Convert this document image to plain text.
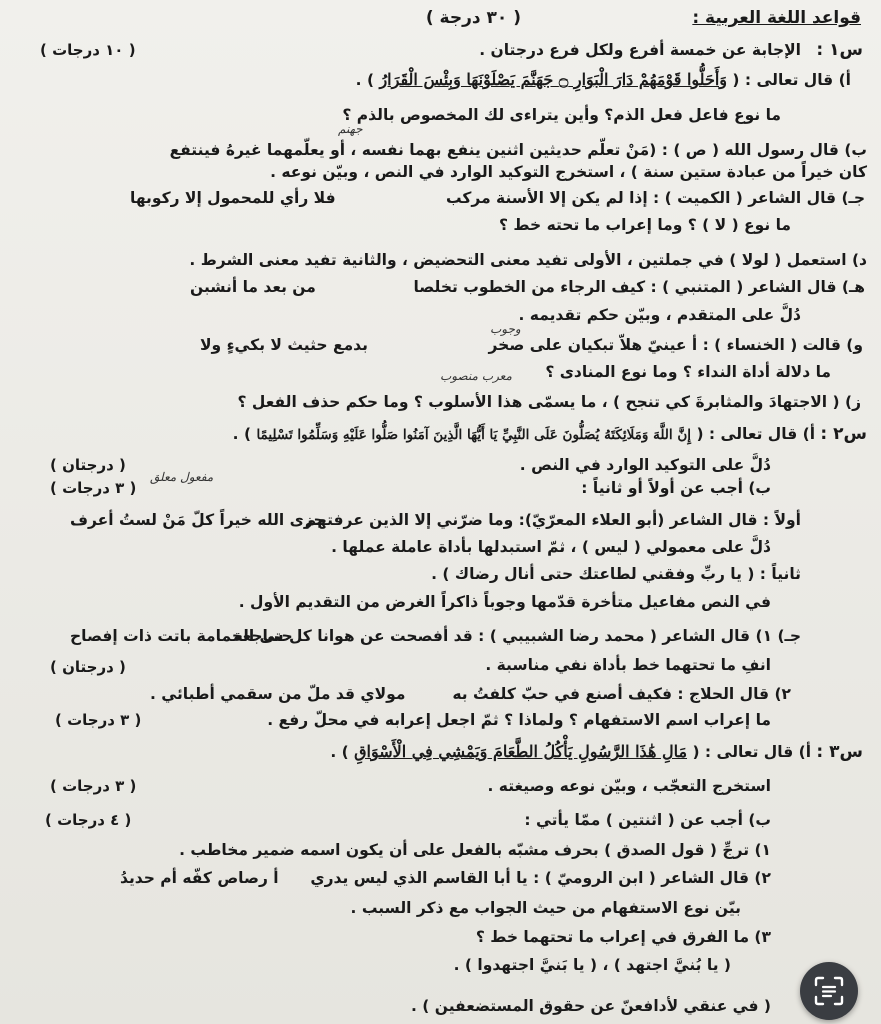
قواعد اللغة العربية :
( ٣٠ درجة )
س١ :
الإجابة عن خمسة أفرع ولكل فرع درجتان .
( ١٠ درجات )
أ) قال تعالى : ( وَأَحَلُّوا قَوْمَهُمْ دَارَ الْبَوَارِ ۝ جَهَنَّمَ يَصْلَوْنَهَا وَبِئْسَ الْقَرَارُ ) .
ما نوع فاعل فعل الذم؟ وأين يتراءى لك المخصوص بالذم ؟
جهنم
ب) قال رسول الله ( ص ) : (مَنْ تعلّم حديثين اثنين ينفع بهما نفسه ، أو يعلّمهما غيرهُ فينتفع
كان خيراً من عبادة ستين سنة ) ، استخرج التوكيد الوارد في النص ، وبيّن نوعه .
جـ) قال الشاعر ( الكميت ) : إذا لم يكن إلا الأسنة مركب
فلا رأي للمحمول إلا ركوبها
ما نوع ( لا ) ؟ وما إعراب ما تحته خط ؟
د) استعمل ( لولا ) في جملتين ، الأولى تفيد معنى التحضيض ، والثانية تفيد معنى الشرط .
هـ) قال الشاعر ( المتنبي ) : كيف الرجاء من الخطوب تخلصا
من بعد ما أنشبن
دُلَّ على المتقدم ، وبيّن حكم تقديمه .
وجوب
و) قالت ( الخنساء ) : أ عينيّ هلاّ تبكيان على صخر
بدمع حثيث لا بكيءٍ ولا
ما دلالة أداة النداء ؟ وما نوع المنادى ؟
معرب منصوب
ز) ( الاجتهادَ والمثابرةَ كي تنجح ) ، ما يسمّى هذا الأسلوب ؟ وما حكم حذف الفعل ؟
س٢ : أ) قال تعالى : ( إِنَّ اللَّهَ وَمَلَائِكَتَهُ يُصَلُّونَ عَلَى النَّبِيِّ يَا أَيُّهَا الَّذِينَ آمَنُوا صَلُّوا عَلَيْهِ وَسَلِّمُوا تَسْلِيمًا ) .
دُلَّ على التوكيد الوارد في النص .
( درجتان )
مفعول معلق
ب) أجب عن أولاً أو ثانياً :
( ٣ درجات )
أولاً : قال الشاعر (أبو العلاء المعرّيّ): وما ضرّني إلا الذين عرفتهم
جزى الله خيراً كلّ مَنْ لستُ أعرف
دُلَّ على معمولي ( ليس ) ، ثمّ استبدلها بأداة عاملة عملها .
ثانياً : ( يا ربِّ وفقني لطاعتك حتى أنال رضاك ) .
في النص مفاعيل متأخرة قدّمها وجوباً ذاكراً الغرض من التقديم الأول .
جـ) ١) قال الشاعر ( محمد رضا الشبيبي ) : قد أفصحت عن هوانا كل ساجعة
حتى الحمامة باتت ذات إفصاح
انفِ ما تحتهما خط بأداة نفي مناسبة .
( درجتان )
٢) قال الحلاج : فكيف أصنع في حبّ كلفتُ به
مولاي قد ملّ من سقمي أطبائي .
ما إعراب اسم الاستفهام ؟ ولماذا ؟ ثمّ اجعل إعرابه في محلّ رفع .
( ٣ درجات )
س٣ : أ) قال تعالى : ( مَالِ هَٰذَا الرَّسُولِ يَأْكُلُ الطَّعَامَ وَيَمْشِي فِي الْأَسْوَاقِ ) .
استخرج التعجّب ، وبيّن نوعه وصيغته .
( ٣ درجات )
ب) أجب عن ( اثنتين ) ممّا يأتي :
( ٤ درجات )
١) ترجِّ ( قول الصدق ) بحرف مشبّه بالفعل على أن يكون اسمه ضمير مخاطب .
٢) قال الشاعر ( ابن الروميّ ) : يا أبا القاسم الذي ليس يدري
أ رصاص كفّه أم حديدُ
بيّن نوع الاستفهام من حيث الجواب مع ذكر السبب .
٣) ما الفرق في إعراب ما تحتهما خط ؟
( يا بُنيَّ اجتهد ) ، ( يا بَنيَّ اجتهدوا ) .
( في عنقي لأدافعنّ عن حقوق المستضعفين ) .
